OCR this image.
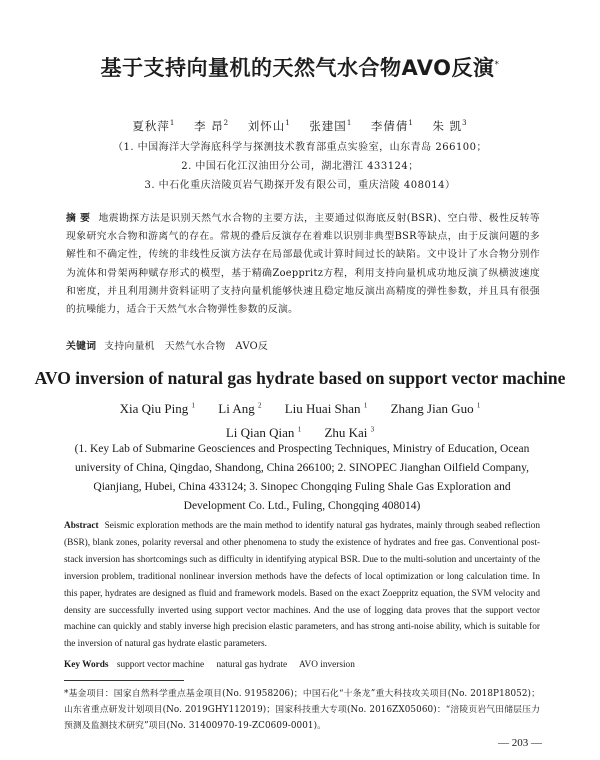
基于支持向量机的天然气水合物AVO反演*
夏秋萍$^1$ 李 昂$^2$ 刘怀山$^1$ 张建国$^1$ 李倩倩$^1$ 朱 凯$^3$
（1. 中国海洋大学海底科学与探测技术教育部重点实验室，山东青岛 266100；
2. 中国石化江汉油田分公司，湖北潜江 433124；
3. 中石化重庆涪陵页岩气勘探开发有限公司，重庆涪陵 408014）
摘 要 地震勘探方法是识别天然气水合物的主要方法，主要通过似海底反射(BSR)、空白带、极性反转等现象研究水合物和游离气的存在。常规的叠后反演存在着难以识别非典型BSR等缺点，由于反演问题的多解性和不确定性，传统的非线性反演方法存在局部最优或计算时间过长的缺陷。文中设计了水合物分别作为流体和骨架两种赋存形式的模型，基于精确Zoeppritz方程，利用支持向量机成功地反演了纵横波速度和密度，并且利用测井资料证明了支持向量机能够快速且稳定地反演出高精度的弹性参数，并且具有很强的抗噪能力，适合于天然气水合物弹性参数的反演。
关键词 支持向量机　天然气水合物　AVO反
AVO inversion of natural gas hydrate based on support vector machine
Xia Qiu Ping $^1$ Li Ang $^2$ Liu Huai Shan $^1$ Zhang Jian Guo $^1$
Li Qian Qian $^1$ Zhu Kai $^3$
(1. Key Lab of Submarine Geosciences and Prospecting Techniques, Ministry of Education, Ocean university of China, Qingdao, Shandong, China 266100; 2. SINOPEC Jianghan Oilfield Company, Qianjiang, Hubei, China 433124; 3. Sinopec Chongqing Fuling Shale Gas Exploration and Development Co. Ltd., Fuling, Chongqing 408014)
Abstract Seismic exploration methods are the main method to identify natural gas hydrates, mainly through seabed reflection (BSR), blank zones, polarity reversal and other phenomena to study the existence of hydrates and free gas. Conventional post-stack inversion has shortcomings such as difficulty in identifying atypical BSR. Due to the multi-solution and uncertainty of the inversion problem, traditional nonlinear inversion methods have the defects of local optimization or long calculation time. In this paper, hydrates are designed as fluid and framework models. Based on the exact Zoeppritz equation, the SVM velocity and density are successfully inverted using support vector machines. And the use of logging data proves that the support vector machine can quickly and stably inverse high precision elastic parameters, and has strong anti-noise ability, which is suitable for the inversion of natural gas hydrate elastic parameters.
Key Words support vector machine natural gas hydrate AVO inversion
*基金项目：国家自然科学重点基金项目(No. 91958206)；中国石化“十条龙”重大科技攻关项目(No. 2018P18052)；山东省重点研发计划项目(No. 2019GHY112019)；国家科技重大专项(No. 2016ZX05060)：“涪陵页岩气田储层压力预测及监测技术研究”项目(No. 31400970-19-ZC0609-0001)。
— 203 —
